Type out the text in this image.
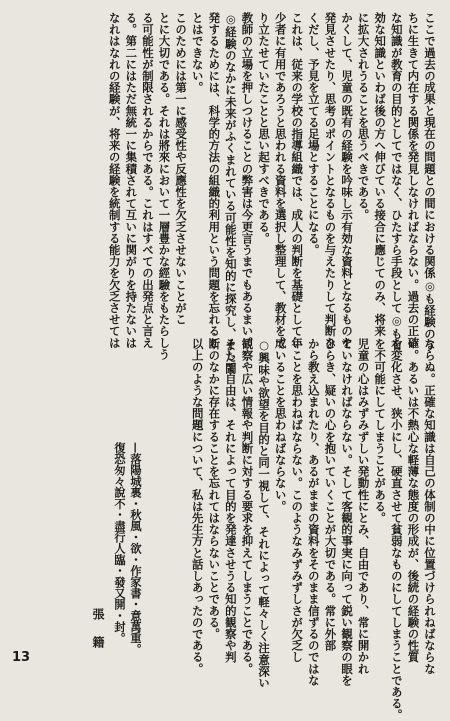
ここで過去の成果と現在の問題との間における関係◎も経験のう
ちに生きて内在する関係を発見しなければならない。過去の正確
な知識が教育の目的としてではなく、ひたすら手段として◎も有
効な知識といわば後の方へ伸びている接合に應じてのみ、将来
に拡大されうることを思うべきである。
かくして、児童の既有の経験を吟味し示有効な資料となるものを
発見させたり、思考のポイントとなるものを与えたりして判断を
くだし、予見を立てる足場とすることになる。
これは、従来の学校の指導組織では、成人の判断を基礎として年
少者に有用であろうと思われる資料を選択し整理して、教材を成
り立たせていたことと思い起すべきである。
教師の立場を押しつけることの弊害は今更言うまでもあるまい。
◎経験のなかに未来がふくまれている可能性を知的に探究し、また閾
発するためには、科学的方法の組織的利用という問題を忘れるこ
とはできない。
このためには第一に感受性や反應性を欠乏させないことがこ
とに大切である。それは將來において一層豊かな經驗をもたらしう
る可能性が制限されるからである。これはすべての出発点と言え
る。第二にはただ無統一に集積されて互いに関がりを持たないは
なれはなれの経験が、将来の経験を統制する能力を欠乏させては
ならぬ。正確な知識は自己の体制の中に位置づけられねばならな
い。あるいは不熱心な軽薄な態度の形成が、後続の経験の性質
を変化させ、狭小にし、硬直させて貧弱なものにしてしまうことである。
を不可能にしてしまうことがある。
児童の心はみずみずしい発動性にとみ、自由であり、常に開かれ
ていなければならない。そして客観的事実に向って鋭い観察の眼を
ひらき、疑いの心を抱いていくことが大切である。常に外部
から教え込まれたり、あるがままの資料をそのまま信ずるのではな
いことを思わねばならない。このようなみずみずしさが欠乏し
ていることを思わねばならない。
○興味や欲望を目的と同一視して、それによって軽々しく注意深い
観察や広い情報や判断に対する要求を抑えてしまうことである。
そして自由は、それによって目的を発達させうる知的観察や判
断のなかに存在することを忘れてはならないことである。
以上のような問題について、私は先生方と話しあったのである。
—落陽城裏・秋風・欲・作家書・意萬重。
復恐匆々說不・盡行人臨・發又開・封。
張 籍
13
